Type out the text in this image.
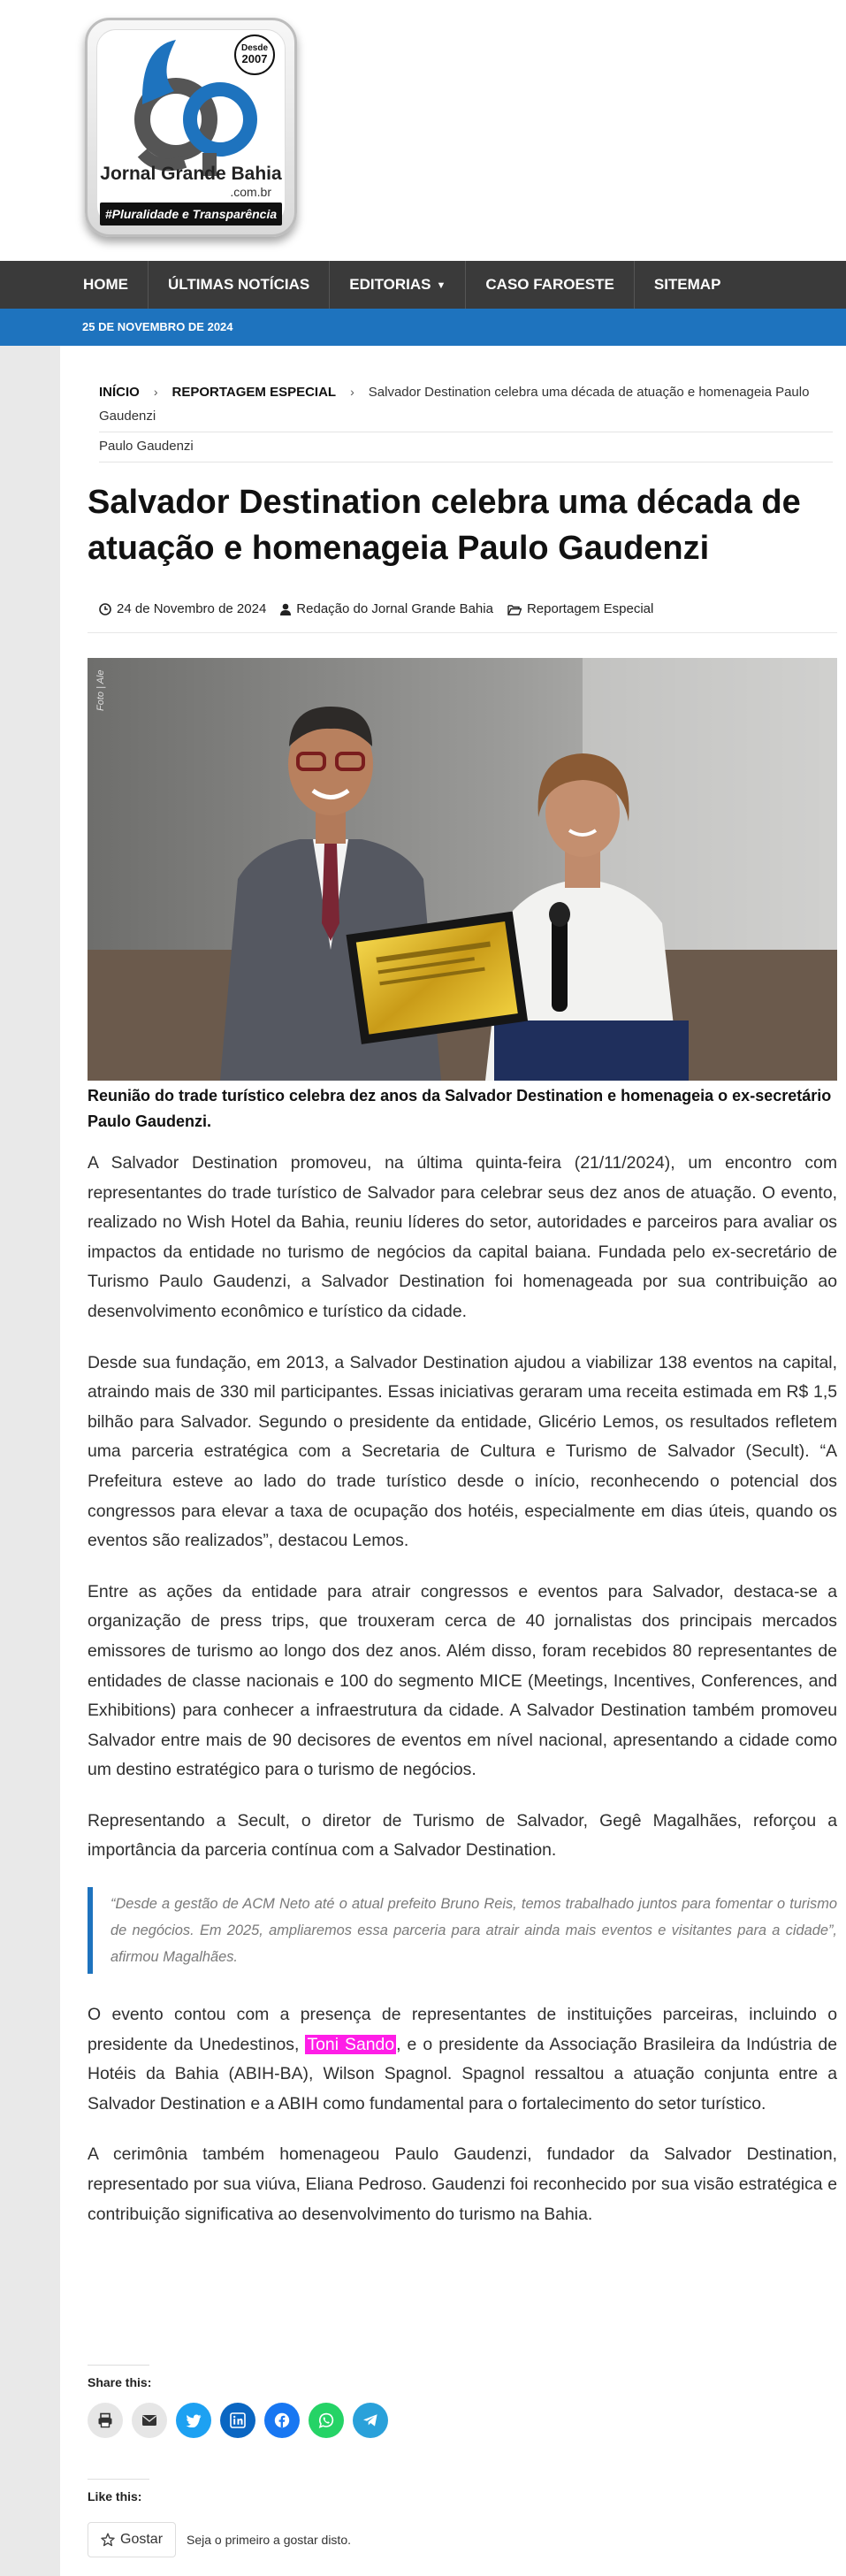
Desde
2007
Jornal Grande Bahia
.com.br
#Pluralidade e Transparência
HOME	ÚLTIMAS NOTÍCIAS	EDITORIAS ▼	CASO FAROESTE	SITEMAP
25 DE NOVEMBRO DE 2024
INÍCIO › REPORTAGEM ESPECIAL › Salvador Destination celebra uma década de atuação e homenageia Paulo Gaudenzi
Paulo Gaudenzi
Salvador Destination celebra uma década de atuação e homenageia Paulo Gaudenzi
24 de Novembro de 2024 Redação do Jornal Grande Bahia	Reportagem Especial
Foto | Ale
Reunião do trade turístico celebra dez anos da Salvador Destination e homenageia o ex-secretário Paulo Gaudenzi.

A Salvador Destination promoveu, na última quinta-feira (21/11/2024), um encontro com representantes do trade turístico de Salvador para celebrar seus dez anos de atuação. O evento, realizado no Wish Hotel da Bahia, reuniu líderes do setor, autoridades e parceiros para avaliar os impactos da entidade no turismo de negócios da capital baiana. Fundada pelo ex-secretário de Turismo Paulo Gaudenzi, a Salvador Destination foi homenageada por sua contribuição ao desenvolvimento econômico e turístico da cidade.

Desde sua fundação, em 2013, a Salvador Destination ajudou a viabilizar 138 eventos na capital, atraindo mais de 330 mil participantes. Essas iniciativas geraram uma receita estimada em R$ 1,5 bilhão para Salvador. Segundo o presidente da entidade, Glicério Lemos, os resultados refletem uma parceria estratégica com a Secretaria de Cultura e Turismo de Salvador (Secult). “A Prefeitura esteve ao lado do trade turístico desde o início, reconhecendo o potencial dos congressos para elevar a taxa de ocupação dos hotéis, especialmente em dias úteis, quando os eventos são realizados”, destacou Lemos.

Entre as ações da entidade para atrair congressos e eventos para Salvador, destaca-se a organização de press trips, que trouxeram cerca de 40 jornalistas dos principais mercados emissores de turismo ao longo dos dez anos. Além disso, foram recebidos 80 representantes de entidades de classe nacionais e 100 do segmento MICE (Meetings, Incentives, Conferences, and Exhibitions) para conhecer a infraestrutura da cidade. A Salvador Destination também promoveu Salvador entre mais de 90 decisores de eventos em nível nacional, apresentando a cidade como um destino estratégico para o turismo de negócios.

Representando a Secult, o diretor de Turismo de Salvador, Gegê Magalhães, reforçou a importância da parceria contínua com a Salvador Destination.

“Desde a gestão de ACM Neto até o atual prefeito Bruno Reis, temos trabalhado juntos para fomentar o turismo de negócios. Em 2025, ampliaremos essa parceria para atrair ainda mais eventos e visitantes para a cidade”, afirmou Magalhães.

O evento contou com a presença de representantes de instituições parceiras, incluindo o presidente da Unedestinos, Toni Sando , e o presidente da Associação Brasileira da Indústria de Hotéis da Bahia (ABIH-BA), Wilson Spagnol. Spagnol ressaltou a atuação conjunta entre a Salvador Destination e a ABIH como fundamental para o fortalecimento do setor turístico.

A cerimônia também homenageou Paulo Gaudenzi, fundador da Salvador Destination, representado por sua viúva, Eliana Pedroso. Gaudenzi foi reconhecido por sua visão estratégica e contribuição significativa ao desenvolvimento do turismo na Bahia.

Share this:
Like this:
Gostar Seja o primeiro a gostar disto.
